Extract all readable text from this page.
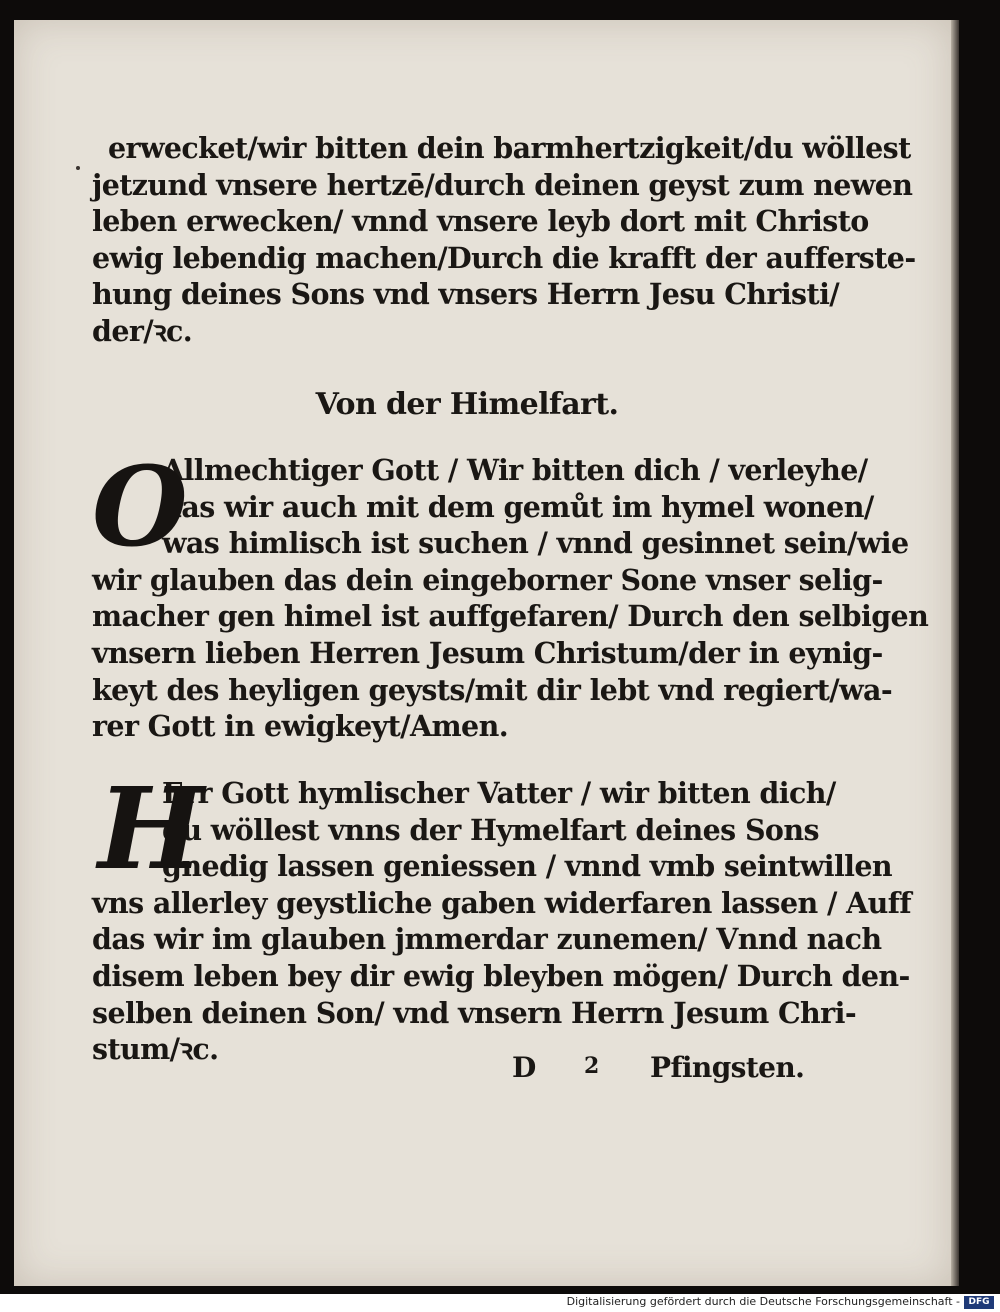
erwecket/wir bitten dein barmhertzigkeit/du wöllest
jetzund vnsere hertzē/durch deinen geyst zum newen
leben erwecken/ vnnd vnsere leyb dort mit Christo
ewig lebendig machen/Durch die krafft der aufferste-
hung deines Sons vnd vnsers Herrn Jesu Christi/
der/ꝛc.
Von der Himelfart.
O
Allmechtiger Gott / Wir bitten dich / verleyhe/
das wir auch mit dem gemůt im hymel wonen/
was himlisch ist suchen / vnnd gesinnet sein/wie
wir glauben das dein eingeborner Sone vnser selig-
macher gen himel ist auffgefaren/ Durch den selbigen
vnsern lieben Herren Jesum Christum/der in eynig-
keyt des heyligen geysts/mit dir lebt vnd regiert/wa-
rer Gott in ewigkeyt/Amen.
H
Err Gott hymlischer Vatter / wir bitten dich/
du wöllest vnns der Hymelfart deines Sons
gnedig lassen geniessen / vnnd vmb seintwillen
vns allerley geystliche gaben widerfaren lassen / Auff
das wir im glauben jmmerdar zunemen/ Vnnd nach
disem leben bey dir ewig bleyben mögen/ Durch den-
selben deinen Son/ vnd vnsern Herrn Jesum Chri-
stum/ꝛc.
D 2 Pfingsten.
Digitalisierung gefördert durch die Deutsche Forschungsgemeinschaft - DFG
